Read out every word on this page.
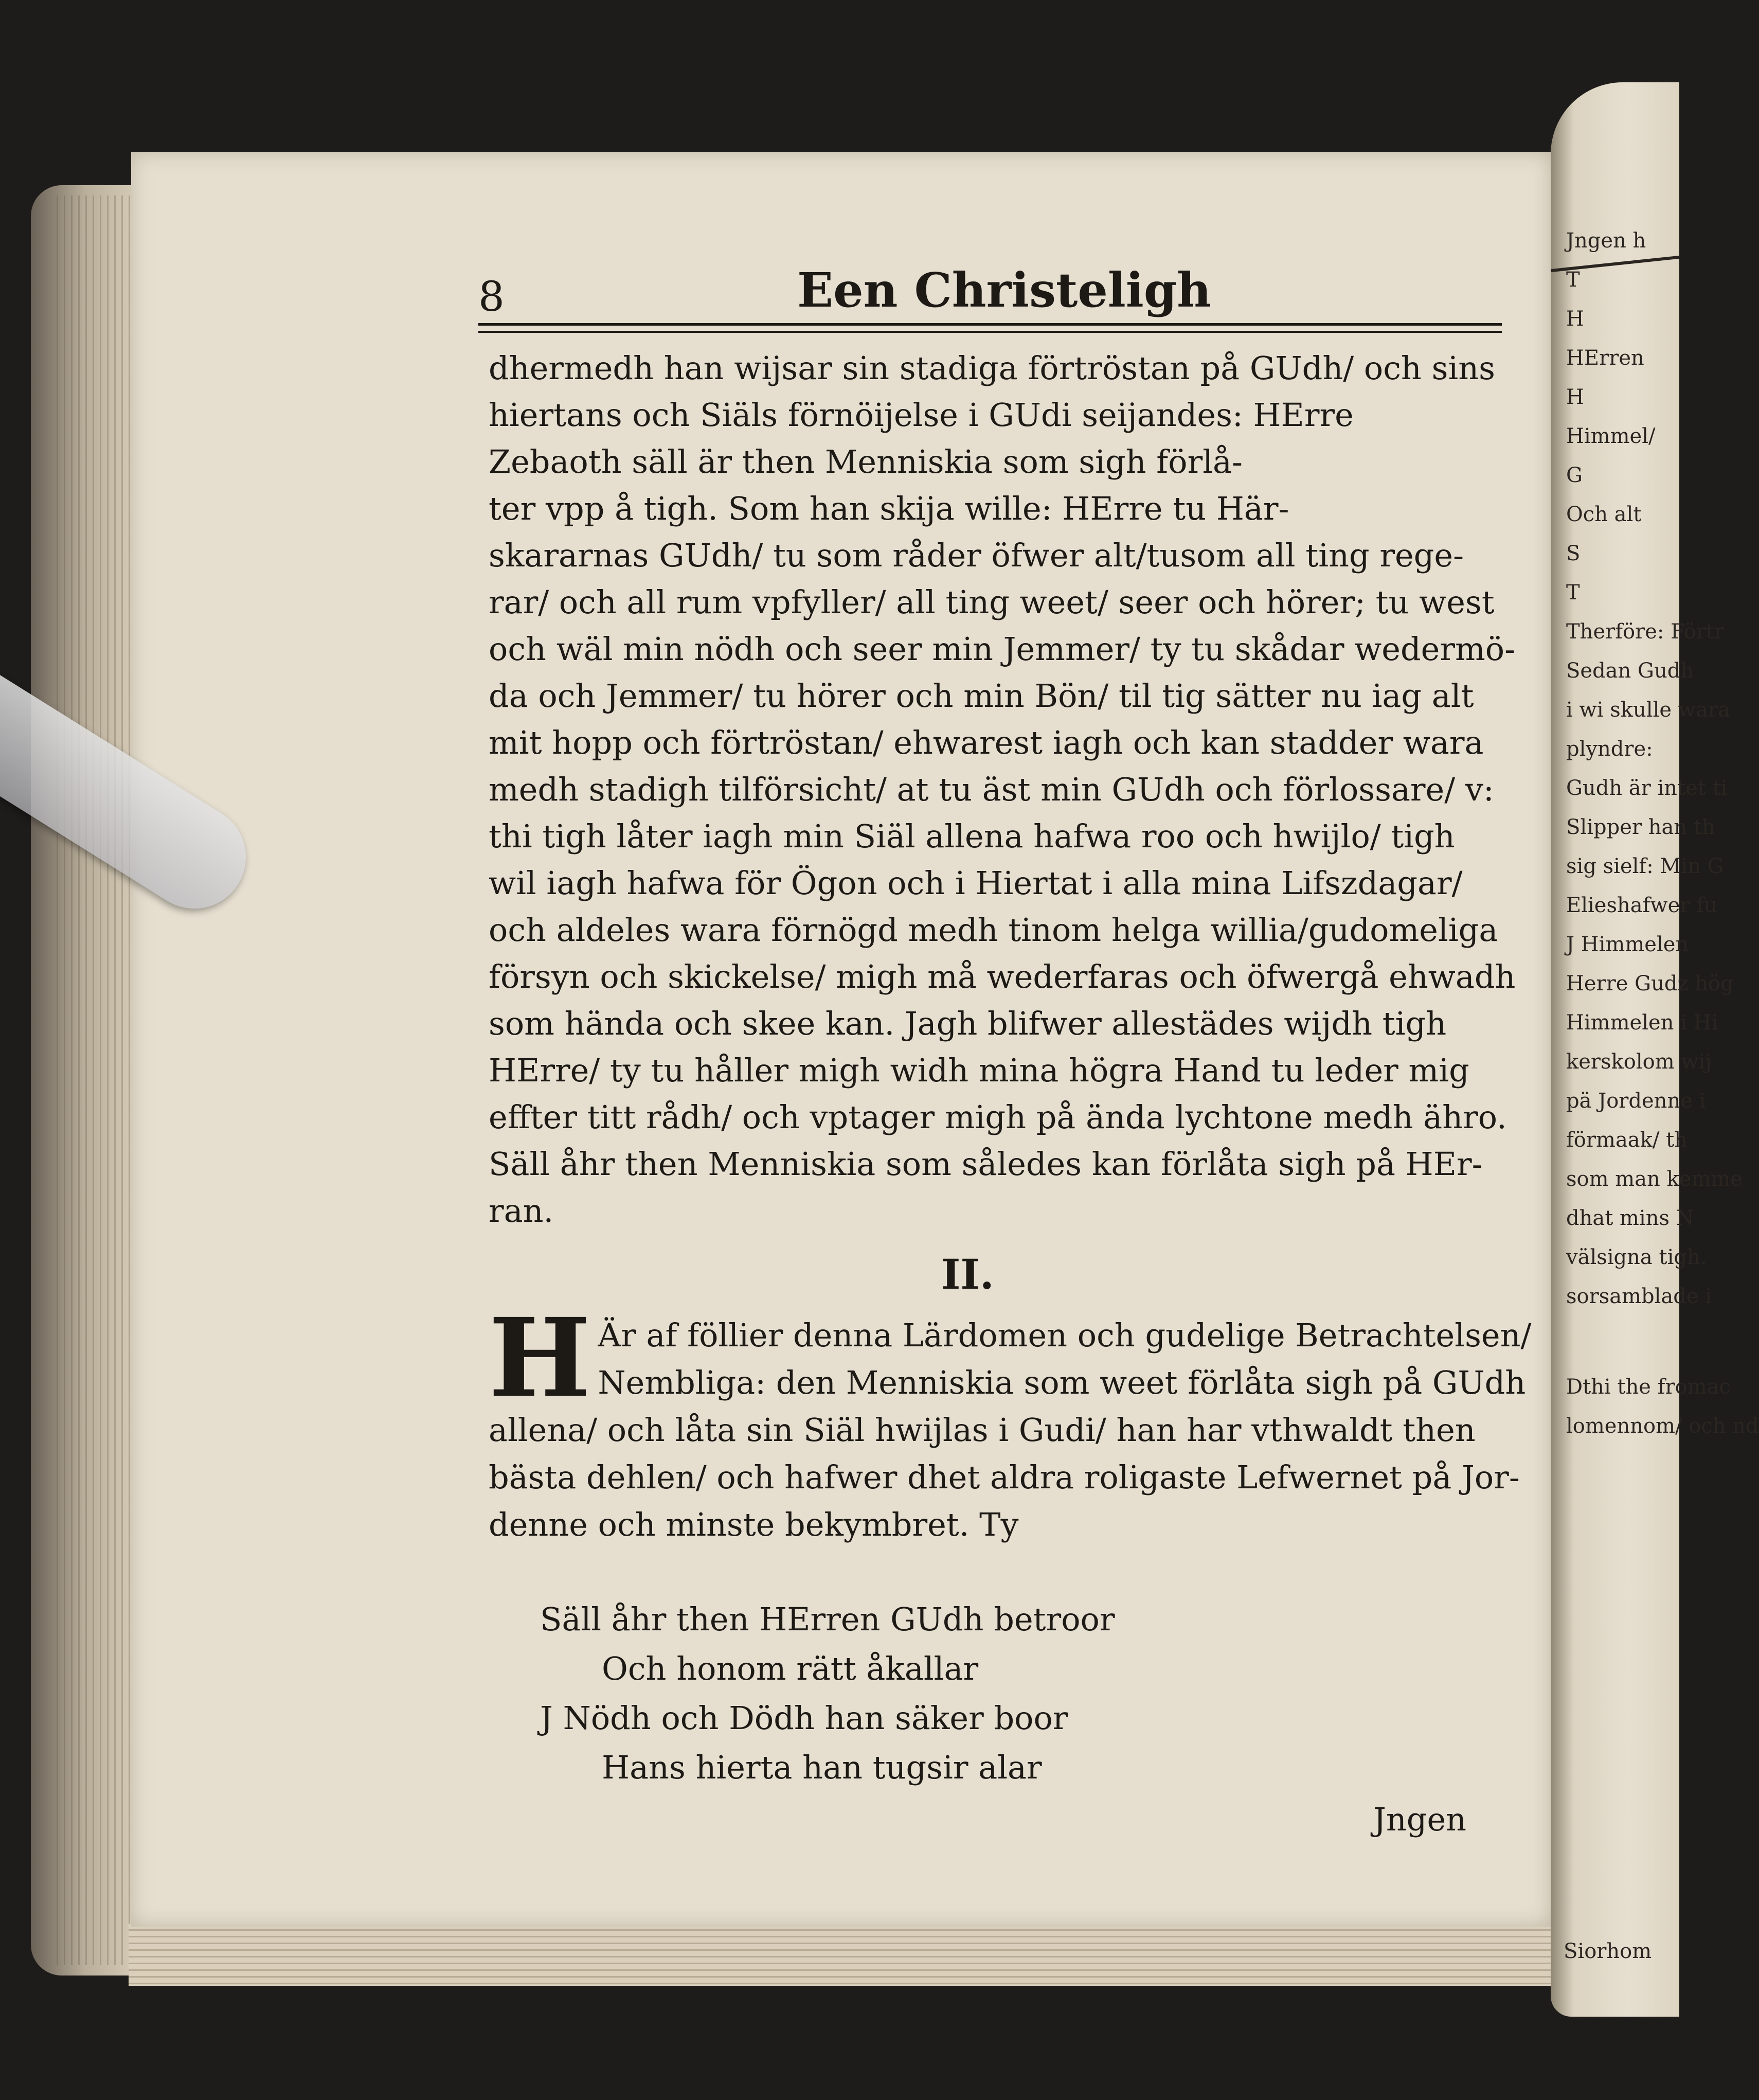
Jngen h
T
H
HErren
H
Himmel/
G
Och alt
S
T
Therföre: Förtr
Sedan Gudh
i wi skulle wara
plyndre:
Gudh är intet ti
Slipper han th
sig sielf: Min G
Elieshafwer fu
J Himmelen
Herre Gudz hög
Himmelen i Hi
kerskolom wij
pä Jordenne i
förmaak/ th
som man kemme
dhat mins N
välsigna tigh.
sorsamblade i
Dthi the fromac
lomennom/ och nd
Siorhom
8	Een Christeligh

dhermedh han wijsar sin stadiga förtröstan på GUdh/ och sins

hiertans och Siäls förnöijelse i GUdi seijandes: HErre

Zebaoth säll är then Menniskia som sigh förlå-

ter vpp å tigh. Som han skija wille: HErre tu Här-

skararnas GUdh/ tu som råder öfwer alt/tusom all ting rege-

rar/ och all rum vpfyller/ all ting weet/ seer och hörer; tu west

och wäl min nödh och seer min Jemmer/ ty tu skådar wedermö-

da och Jemmer/ tu hörer och min Bön/ til tig sätter nu iag alt

mit hopp och förtröstan/ ehwarest iagh och kan stadder wara

medh stadigh tilförsicht/ at tu äst min GUdh och förlossare/ v:

thi tigh låter iagh min Siäl allena hafwa roo och hwijlo/ tigh

wil iagh hafwa för Ögon och i Hiertat i alla mina Lifszdagar/

och aldeles wara förnögd medh tinom helga willia/gudomeliga

försyn och skickelse/ migh må wederfaras och öfwergå ehwadh

som hända och skee kan. Jagh blifwer allestädes wijdh tigh

HErre/ ty tu håller migh widh mina högra Hand tu leder mig

effter titt rådh/ och vptager migh på ända lychtone medh ähro.

Säll åhr then Menniskia som således kan förlåta sigh på HEr-

ran.

II.
H Är af föllier denna Lärdomen och gudelige Betrachtelsen/

Nembliga: den Menniskia som weet förlåta sigh på GUdh

allena/ och låta sin Siäl hwijlas i Gudi/ han har vthwaldt then

bästa dehlen/ och hafwer dhet aldra roligaste Lefwernet på Jor-

denne och minste bekymbret. Ty

Säll åhr then HErren GUdh betroor

Och honom rätt åkallar

J Nödh och Dödh han säker boor

Hans hierta han tugsir alar

Jngen
